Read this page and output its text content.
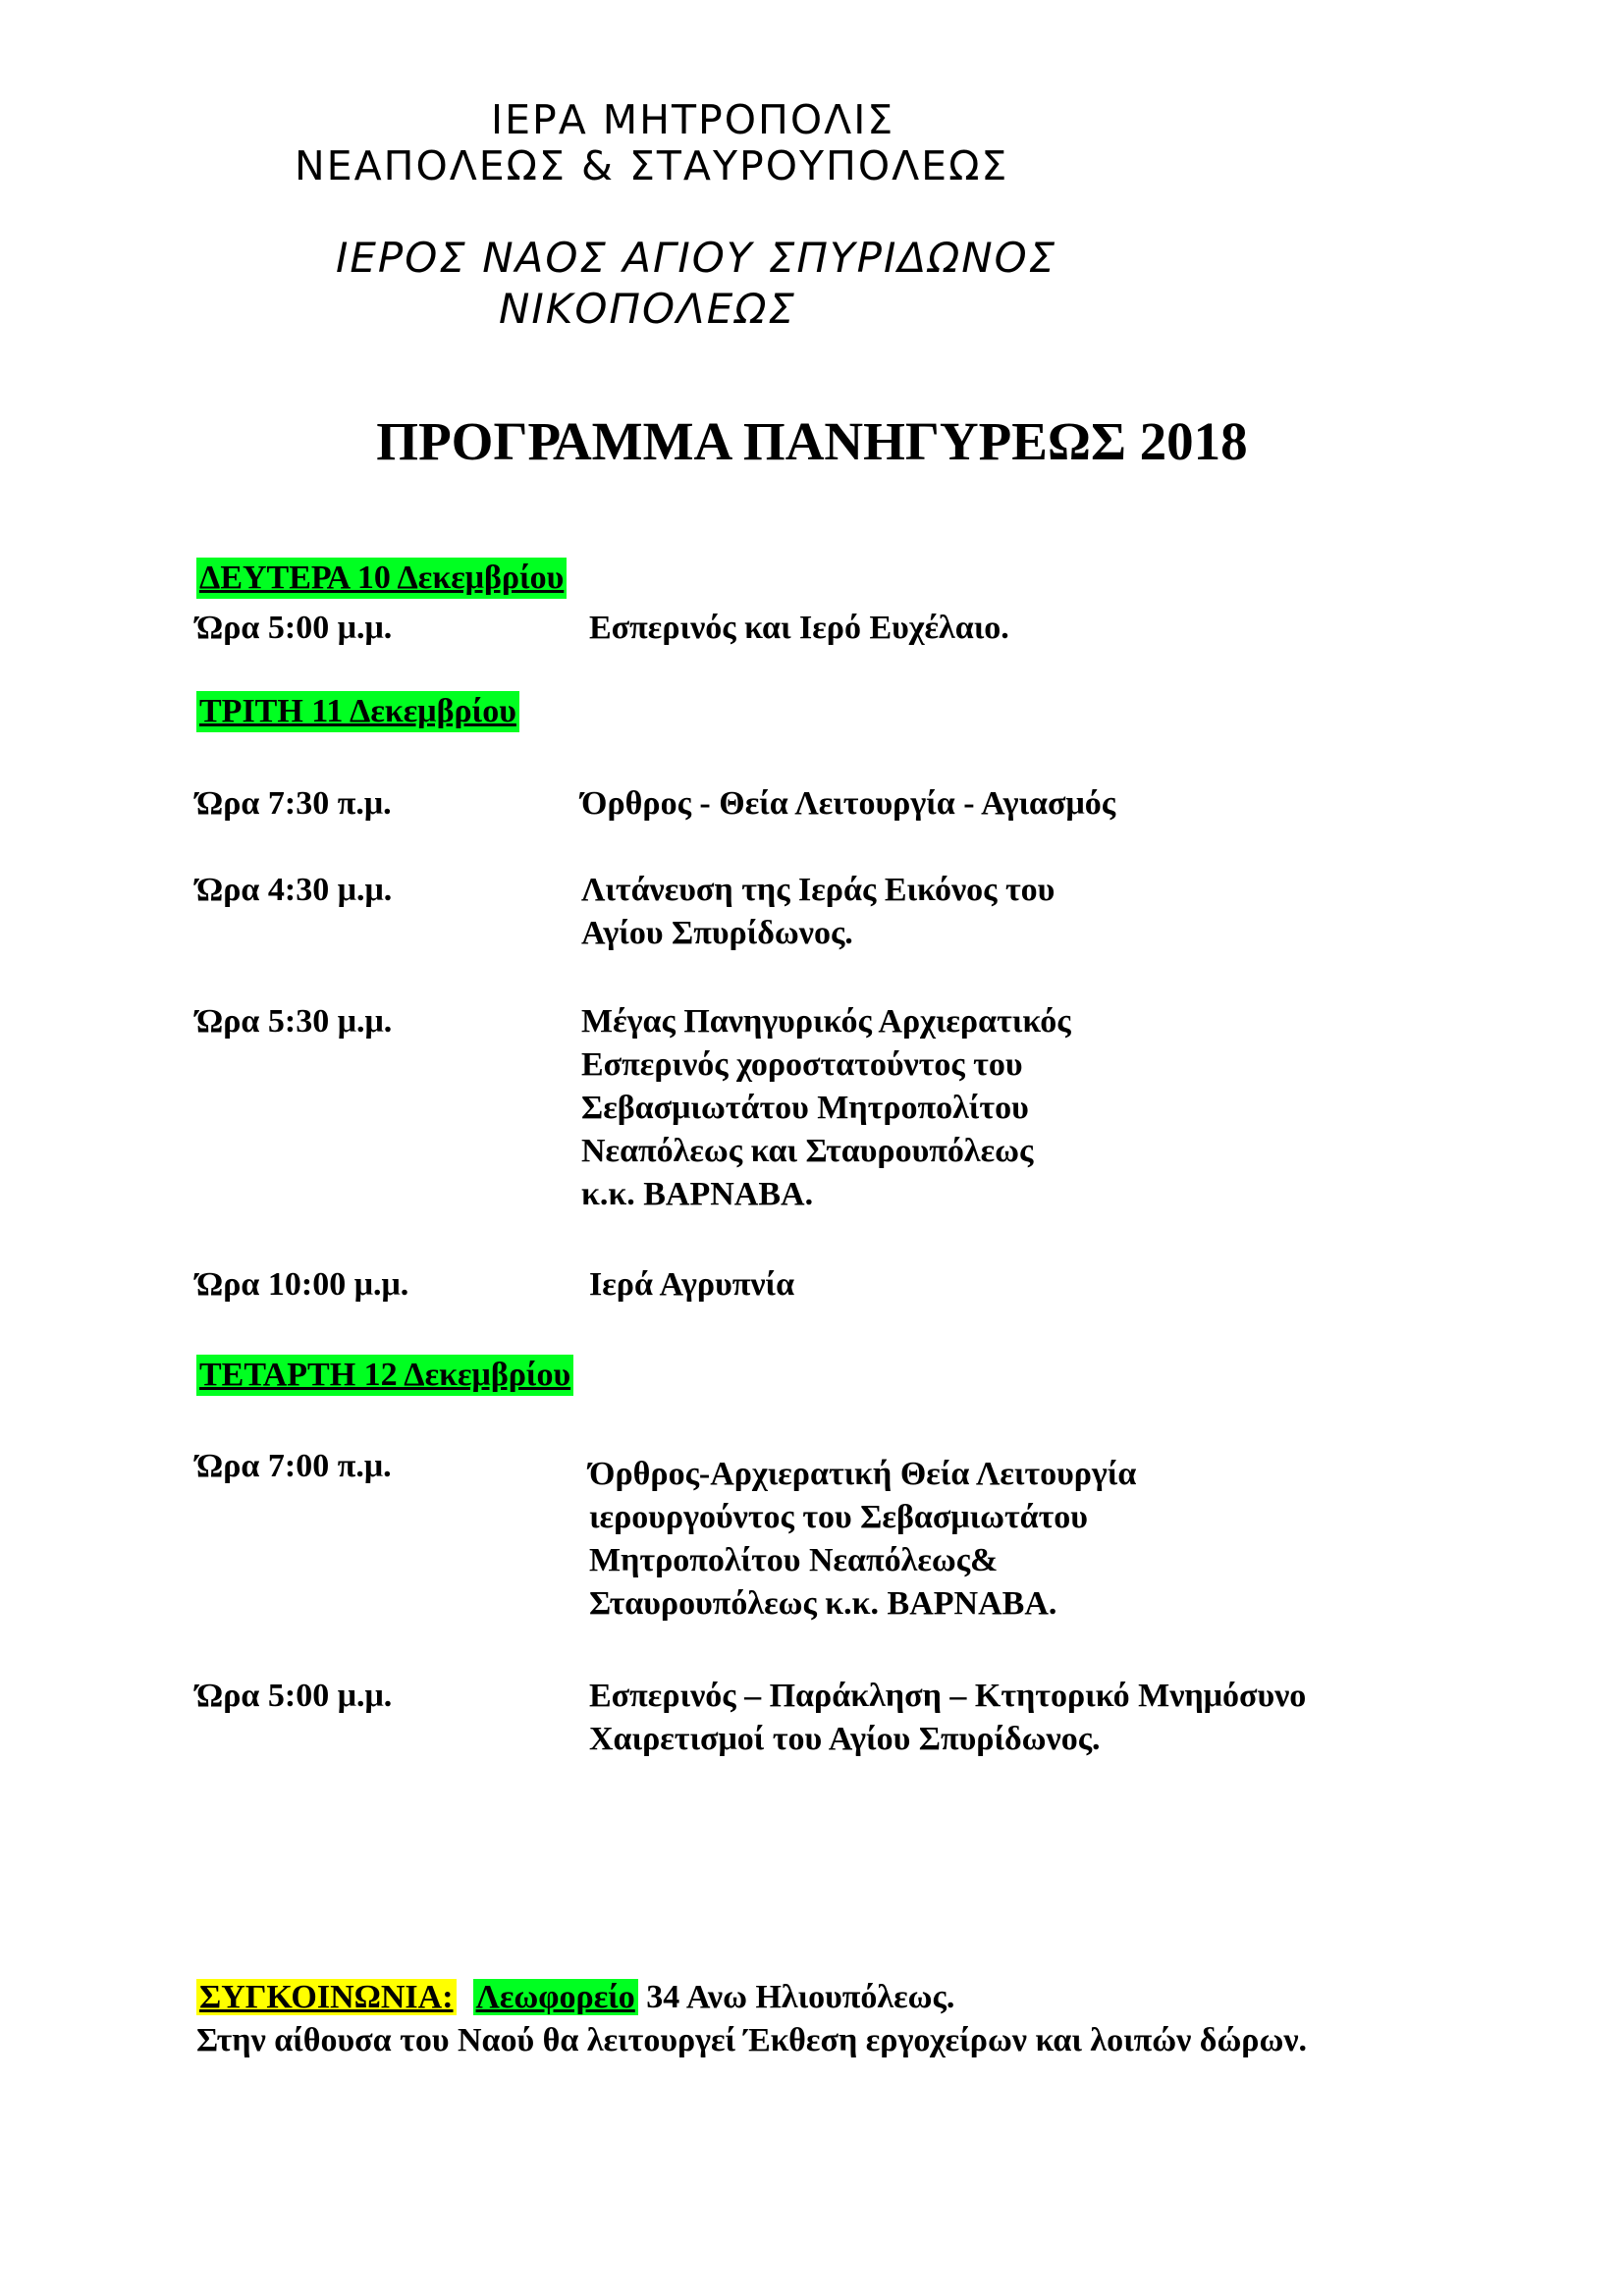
ΙΕΡΑ ΜΗΤΡΟΠΟΛΙΣ

ΝΕΑΠΟΛΕΩΣ & ΣΤΑΥΡΟΥΠΟΛΕΩΣ

ΙΕΡΟΣ ΝΑΟΣ ΑΓΙΟΥ ΣΠΥΡΙΔΩΝΟΣ

ΝΙΚΟΠΟΛΕΩΣ

ΠΡΟΓΡΑΜΜΑ ΠΑΝΗΓΥΡΕΩΣ 2018

ΔΕΥΤΕΡΑ 10 Δεκεμβρίου

Ώρα 5:00 μ.μ.	Εσπερινός και Ιερό Ευχέλαιο.

ΤΡΙΤΗ 11 Δεκεμβρίου

Ώρα 7:30 π.μ.	Όρθρος - Θεία Λειτουργία - Αγιασμός
Ώρα 4:30 μ.μ.	Λιτάνευση της Ιεράς Εικόνος του
Αγίου Σπυρίδωνος.
Ώρα 5:30 μ.μ.	Μέγας Πανηγυρικός Αρχιερατικός
Εσπερινός χοροστατούντος του
Σεβασμιωτάτου Μητροπολίτου
Νεαπόλεως και Σταυρουπόλεως
κ.κ. ΒΑΡΝΑΒΑ.
Ώρα 10:00 μ.μ.	Ιερά Αγρυπνία

ΤΕΤΑΡΤΗ 12 Δεκεμβρίου

Ώρα 7:00 π.μ.	Όρθρος-Αρχιερατική Θεία Λειτουργία
ιερουργούντος του Σεβασμιωτάτου
Μητροπολίτου Νεαπόλεως&
Σταυρουπόλεως κ.κ. ΒΑΡΝΑΒΑ.
Ώρα 5:00 μ.μ.	Εσπερινός – Παράκληση – Κτητορικό Μνημόσυνο
Χαιρετισμοί του Αγίου Σπυρίδωνος.

ΣΥΓΚΟΙΝΩΝΙΑ: Λεωφορείο 34 Ανω Ηλιουπόλεως.

Στην αίθουσα του Ναού θα λειτουργεί Έκθεση εργοχείρων και λοιπών δώρων.
